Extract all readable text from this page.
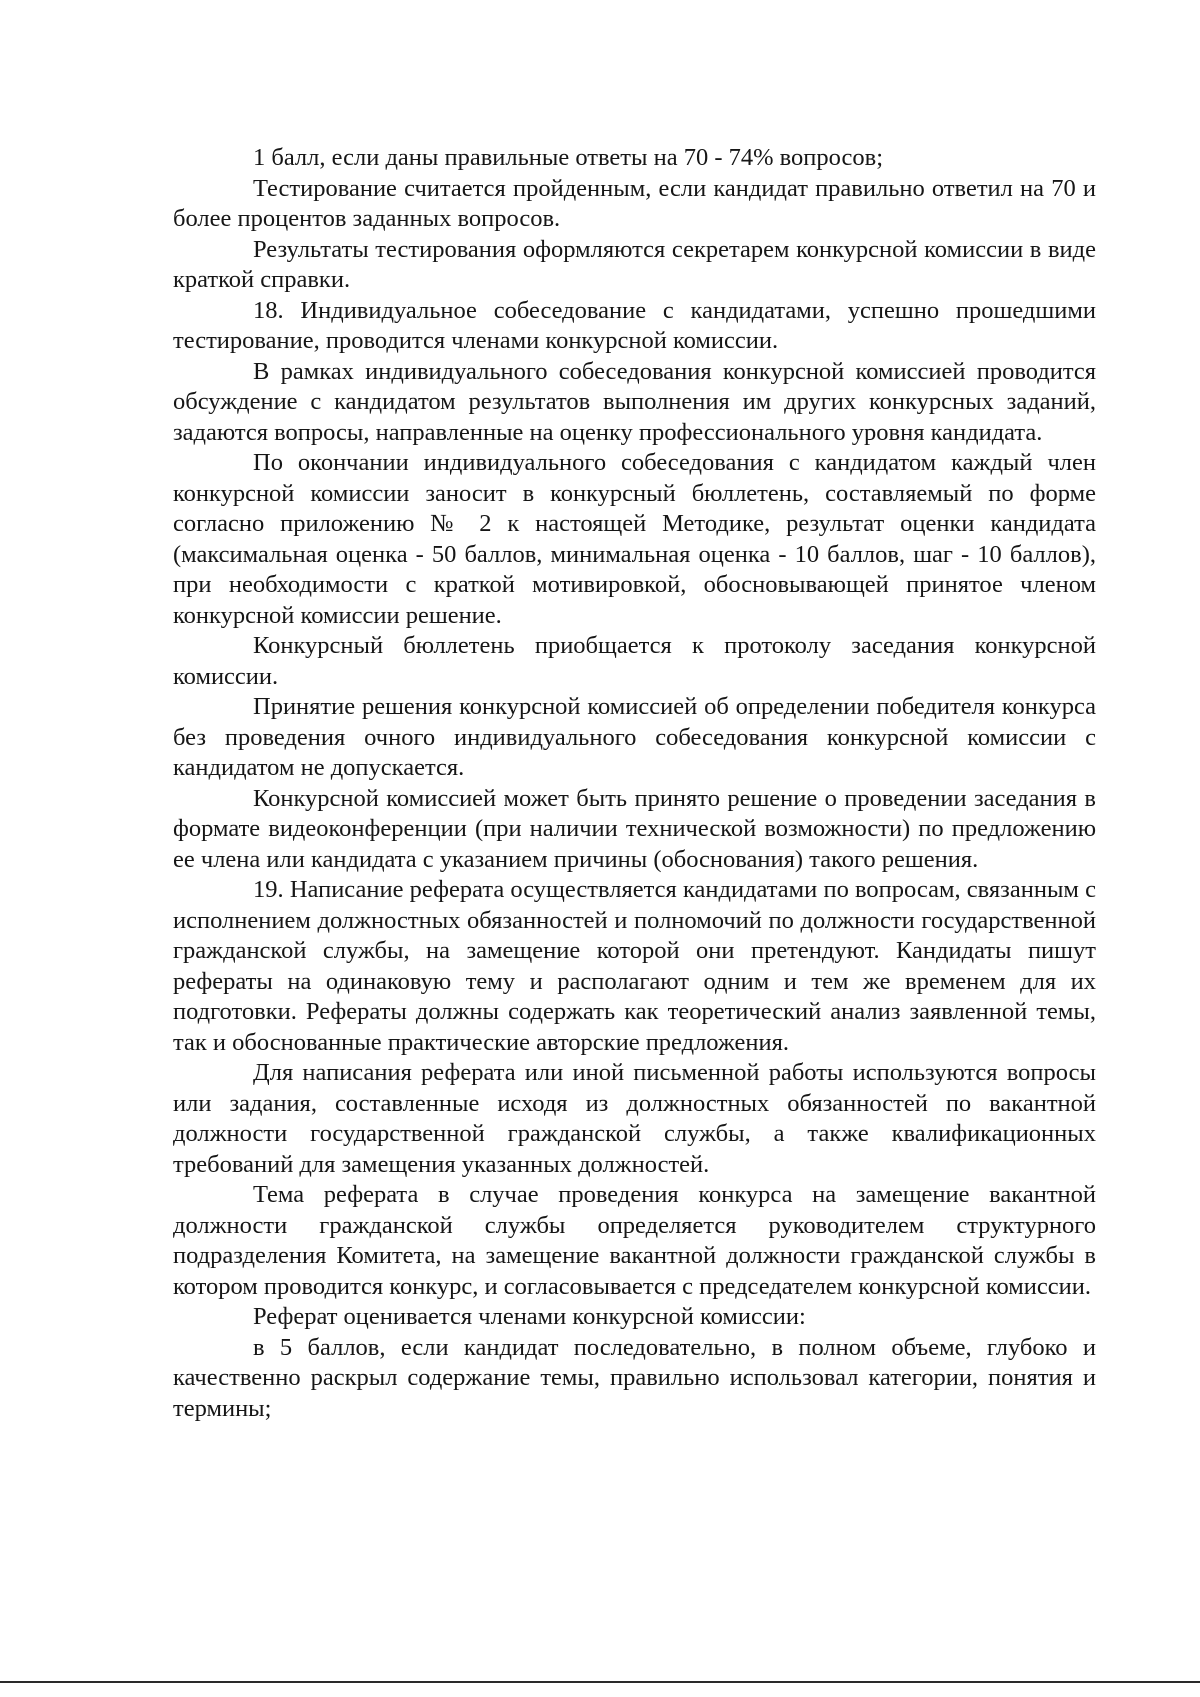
1 балл, если даны правильные ответы на 70 - 74% вопросов;

Тестирование считается пройденным, если кандидат правильно ответил на 70 и более процентов заданных вопросов.

Результаты тестирования оформляются секретарем конкурсной комиссии в виде краткой справки.

18. Индивидуальное собеседование с кандидатами, успешно прошедшими тестирование, проводится членами конкурсной комиссии.

В рамках индивидуального собеседования конкурсной комиссией проводится обсуждение с кандидатом результатов выполнения им других конкурсных заданий, задаются вопросы, направленные на оценку профессионального уровня кандидата.

По окончании индивидуального собеседования с кандидатом каждый член конкурсной комиссии заносит в конкурсный бюллетень, составляемый по форме согласно приложению № 2 к настоящей Методике, результат оценки кандидата (максимальная оценка - 50 баллов, минимальная оценка - 10 баллов, шаг - 10 баллов), при необходимости с краткой мотивировкой, обосновывающей принятое членом конкурсной комиссии решение.

Конкурсный бюллетень приобщается к протоколу заседания конкурсной комиссии.

Принятие решения конкурсной комиссией об определении победителя конкурса без проведения очного индивидуального собеседования конкурсной комиссии с кандидатом не допускается.

Конкурсной комиссией может быть принято решение о проведении заседания в формате видеоконференции (при наличии технической возможности) по предложению ее члена или кандидата с указанием причины (обоснования) такого решения.

19. Написание реферата осуществляется кандидатами по вопросам, связанным с исполнением должностных обязанностей и полномочий по должности государственной гражданской службы, на замещение которой они претендуют. Кандидаты пишут рефераты на одинаковую тему и располагают одним и тем же временем для их подготовки. Рефераты должны содержать как теоретический анализ заявленной темы, так и обоснованные практические авторские предложения.

Для написания реферата или иной письменной работы используются вопросы или задания, составленные исходя из должностных обязанностей по вакантной должности государственной гражданской службы, а также квалификационных требований для замещения указанных должностей.

Тема реферата в случае проведения конкурса на замещение вакантной должности гражданской службы определяется руководителем структурного подразделения Комитета, на замещение вакантной должности гражданской службы в котором проводится конкурс, и согласовывается с председателем конкурсной комиссии.

Реферат оценивается членами конкурсной комиссии:

в 5 баллов, если кандидат последовательно, в полном объеме, глубоко и качественно раскрыл содержание темы, правильно использовал категории, понятия и термины;
